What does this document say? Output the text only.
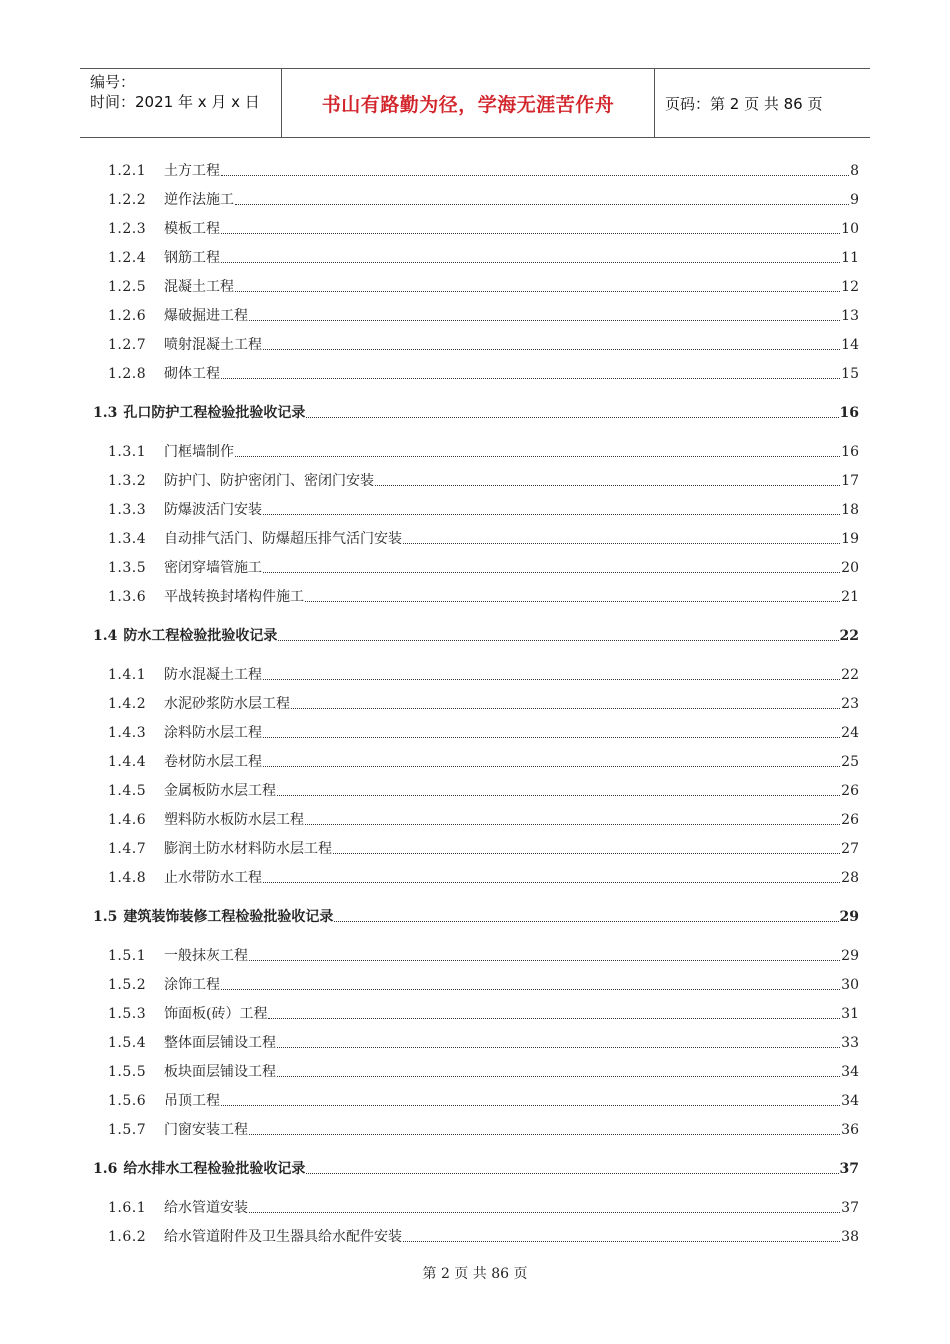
编号：
时间：2021 年 x 月 x 日	书山有路勤为径，学海无涯苦作舟	页码：第 2 页 共 86 页
1.2.1	土方工程	8
1.2.2	逆作法施工	9
1.2.3	模板工程	10
1.2.4	钢筋工程	11
1.2.5	混凝土工程	12
1.2.6	爆破掘进工程	13
1.2.7	喷射混凝土工程	14
1.2.8	砌体工程	15
1.3 孔口防护工程检验批验收记录	16
1.3.1	门框墙制作	16
1.3.2	防护门、防护密闭门、密闭门安装	17
1.3.3	防爆波活门安装	18
1.3.4	自动排气活门、防爆超压排气活门安装	19
1.3.5	密闭穿墙管施工	20
1.3.6	平战转换封堵构件施工	21
1.4 防水工程检验批验收记录	22
1.4.1	防水混凝土工程	22
1.4.2	水泥砂浆防水层工程	23
1.4.3	涂料防水层工程	24
1.4.4	卷材防水层工程	25
1.4.5	金属板防水层工程	26
1.4.6	塑料防水板防水层工程	26
1.4.7	膨润土防水材料防水层工程	27
1.4.8	止水带防水工程	28
1.5 建筑装饰装修工程检验批验收记录	29
1.5.1	一般抹灰工程	29
1.5.2	涂饰工程	30
1.5.3	饰面板(砖）工程	31
1.5.4	整体面层铺设工程	33
1.5.5	板块面层铺设工程	34
1.5.6	吊顶工程	34
1.5.7	门窗安装工程	36
1.6 给水排水工程检验批验收记录	37
1.6.1	给水管道安装	37
1.6.2	给水管道附件及卫生器具给水配件安装	38
第 2 页 共 86 页
